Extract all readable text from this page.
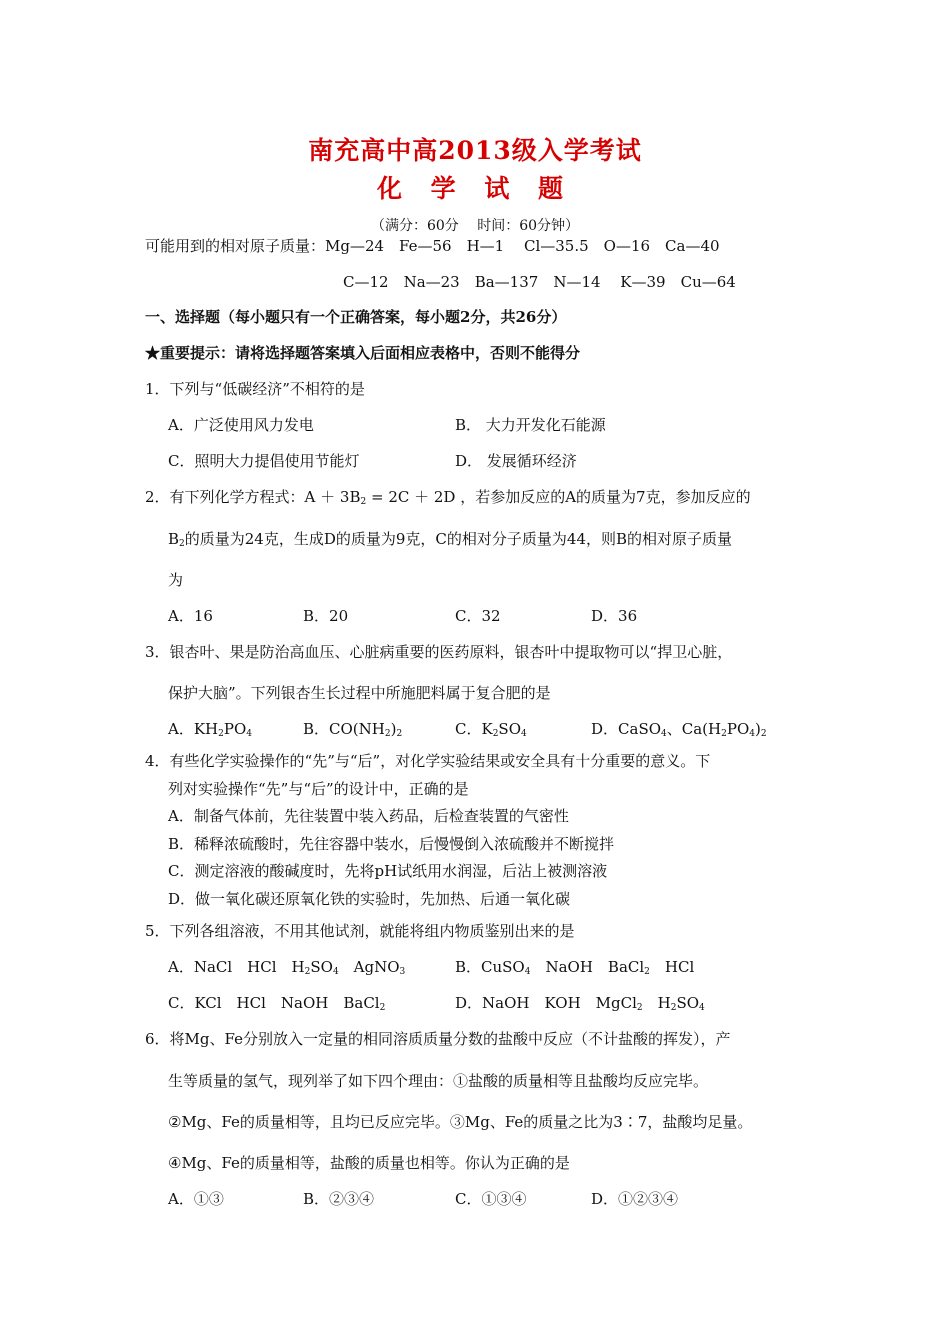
南充高中高2013级入学考试
化 学 试 题
（满分：60分　 时间：60分钟）
可能用到的相对原子质量：Mg—24　Fe—56　H—1　 Cl—35.5　O—16　Ca—40
C—12　Na—23　Ba—137　N—14　 K—39　Cu—64
一、选择题（每小题只有一个正确答案，每小题2分，共26分）
★重要提示：请将选择题答案填入后面相应表格中，否则不能得分
1．下列与“低碳经济”不相符的是
A．广泛使用风力发电	B． 大力开发化石能源
C．照明大力提倡使用节能灯	D． 发展循环经济
2．有下列化学方程式：$A + 3B_2 = 2C + 2D$ ，若参加反应的A的质量为7克，参加反应的
$B_2$的质量为24克，生成D的质量为9克，C的相对分子质量为44，则B的相对原子质量
为
A．16	B．20	C．32	D．36
3．银杏叶、果是防治高血压、心脏病重要的医药原料，银杏叶中提取物可以“捍卫心脏，
保护大脑”。下列银杏生长过程中所施肥料属于复合肥的是
A．$KH_2PO_4$	B．$CO(NH_2)_2$	C．$K_2SO_4$	D．CaSO$_4$、$Ca(H_2PO_4)_2$
4．有些化学实验操作的“先”与“后”，对化学实验结果或安全具有十分重要的意义。下
列对实验操作“先”与“后”的设计中，正确的是
A．制备气体前，先往装置中装入药品，后检查装置的气密性
B．稀释浓硫酸时，先往容器中装水，后慢慢倒入浓硫酸并不断搅拌
C．测定溶液的酸碱度时，先将pH试纸用水润湿，后沾上被测溶液
D．做一氧化碳还原氧化铁的实验时，先加热、后通一氧化碳
5．下列各组溶液，不用其他试剂，就能将组内物质鉴别出来的是
A．NaCl　HCl　$H_2SO_4$　AgNO$_3$	B．CuSO$_4$　NaOH　BaCl$_2$　HCl
C．KCl　HCl　NaOH　BaCl$_2$	D．NaOH　KOH　MgCl$_2$　$H_2SO_4$
6．将Mg、Fe分别放入一定量的相同溶质质量分数的盐酸中反应（不计盐酸的挥发），产
生等质量的氢气，现列举了如下四个理由：①盐酸的质量相等且盐酸均反应完毕。
②Mg、Fe的质量相等，且均已反应完毕。③Mg、Fe的质量之比为3∶7，盐酸均足量。
④Mg、Fe的质量相等，盐酸的质量也相等。你认为正确的是
A．①③	B．②③④	C．①③④	D．①②③④
